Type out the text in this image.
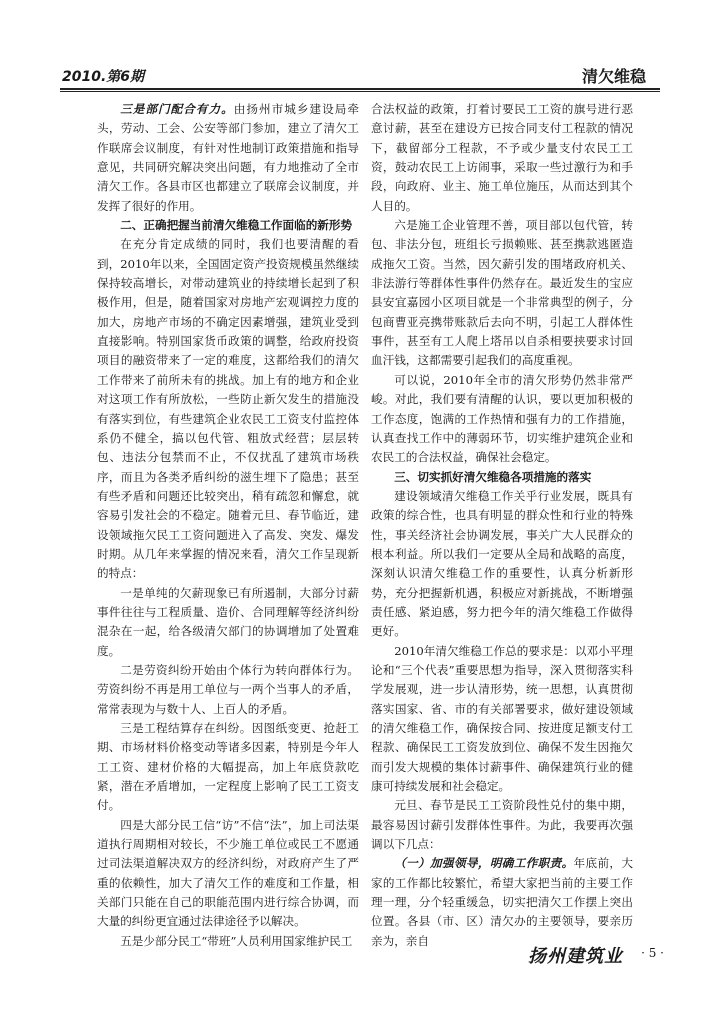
2010.第6期	清欠维稳

三是部门配合有力。由扬州市城乡建设局牵头，劳动、工会、公安等部门参加，建立了清欠工作联席会议制度，有针对性地制订政策措施和指导意见，共同研究解决突出问题，有力地推动了全市清欠工作。各县市区也都建立了联席会议制度，并发挥了很好的作用。

二、正确把握当前清欠维稳工作面临的新形势

在充分肯定成绩的同时，我们也要清醒的看到，2010年以来，全国固定资产投资规模虽然继续保持较高增长，对带动建筑业的持续增长起到了积极作用，但是，随着国家对房地产宏观调控力度的加大，房地产市场的不确定因素增强，建筑业受到直接影响。特别国家货币政策的调整，给政府投资项目的融资带来了一定的难度，这都给我们的清欠工作带来了前所未有的挑战。加上有的地方和企业对这项工作有所放松，一些防止新欠发生的措施没有落实到位，有些建筑企业农民工工资支付监控体系仍不健全，搞以包代管、粗放式经营；层层转包、违法分包禁而不止，不仅扰乱了建筑市场秩序，而且为各类矛盾纠纷的滋生埋下了隐患；甚至有些矛盾和问题还比较突出，稍有疏忽和懈怠，就容易引发社会的不稳定。随着元旦、春节临近，建设领域拖欠民工工资问题进入了高发、突发、爆发时期。从几年来掌握的情况来看，清欠工作呈现新的特点：

一是单纯的欠薪现象已有所遏制，大部分讨薪事件往往与工程质量、造价、合同理解等经济纠纷混杂在一起，给各级清欠部门的协调增加了处置难度。

二是劳资纠纷开始由个体行为转向群体行为。劳资纠纷不再是用工单位与一两个当事人的矛盾，常常表现为与数十人、上百人的矛盾。

三是工程结算存在纠纷。因图纸变更、抢赶工期、市场材料价格变动等诸多因素，特别是今年人工工资、建材价格的大幅提高，加上年底贷款吃紧，潜在矛盾增加，一定程度上影响了民工工资支付。

四是大部分民工信“访”不信“法”，加上司法渠道执行周期相对较长，不少施工单位或民工不愿通过司法渠道解决双方的经济纠纷，对政府产生了严重的依赖性，加大了清欠工作的难度和工作量，相关部门只能在自己的职能范围内进行综合协调，而大量的纠纷更宜通过法律途径予以解决。

五是少部分民工“带班”人员利用国家维护民工

合法权益的政策，打着讨要民工工资的旗号进行恶意讨薪，甚至在建设方已按合同支付工程款的情况下，截留部分工程款，不予或少量支付农民工工资，鼓动农民工上访闹事，采取一些过激行为和手段，向政府、业主、施工单位施压，从而达到其个人目的。

六是施工企业管理不善，项目部以包代管，转包、非法分包，班组长亏损赖账、甚至携款逃匿造成拖欠工资。当然，因欠薪引发的围堵政府机关、非法游行等群体性事件仍然存在。最近发生的宝应县安宜嘉园小区项目就是一个非常典型的例子，分包商曹亚亮携带账款后去向不明，引起工人群体性事件，甚至有工人爬上塔吊以自杀相要挟要求讨回血汗钱，这都需要引起我们的高度重视。

可以说，2010年全市的清欠形势仍然非常严峻。对此，我们要有清醒的认识，要以更加积极的工作态度，饱满的工作热情和强有力的工作措施，认真查找工作中的薄弱环节，切实维护建筑企业和农民工的合法权益，确保社会稳定。

三、切实抓好清欠维稳各项措施的落实

建设领域清欠维稳工作关乎行业发展，既具有政策的综合性，也具有明显的群众性和行业的特殊性，事关经济社会协调发展，事关广大人民群众的根本利益。所以我们一定要从全局和战略的高度，深刻认识清欠维稳工作的重要性，认真分析新形势，充分把握新机遇，积极应对新挑战，不断增强责任感、紧迫感，努力把今年的清欠维稳工作做得更好。

2010年清欠维稳工作总的要求是：以邓小平理论和“三个代表”重要思想为指导，深入贯彻落实科学发展观，进一步认清形势，统一思想，认真贯彻落实国家、省、市的有关部署要求，做好建设领域的清欠维稳工作，确保按合同、按进度足额支付工程款、确保民工工资发放到位、确保不发生因拖欠而引发大规模的集体讨薪事件、确保建筑行业的健康可持续发展和社会稳定。

元旦、春节是民工工资阶段性兑付的集中期，最容易因讨薪引发群体性事件。为此，我要再次强调以下几点：

（一）加强领导，明确工作职责。年底前，大家的工作都比较繁忙，希望大家把当前的主要工作理一理，分个轻重缓急，切实把清欠工作摆上突出位置。各县（市、区）清欠办的主要领导，要亲历亲为，亲自

扬州建筑业 · 5 ·
